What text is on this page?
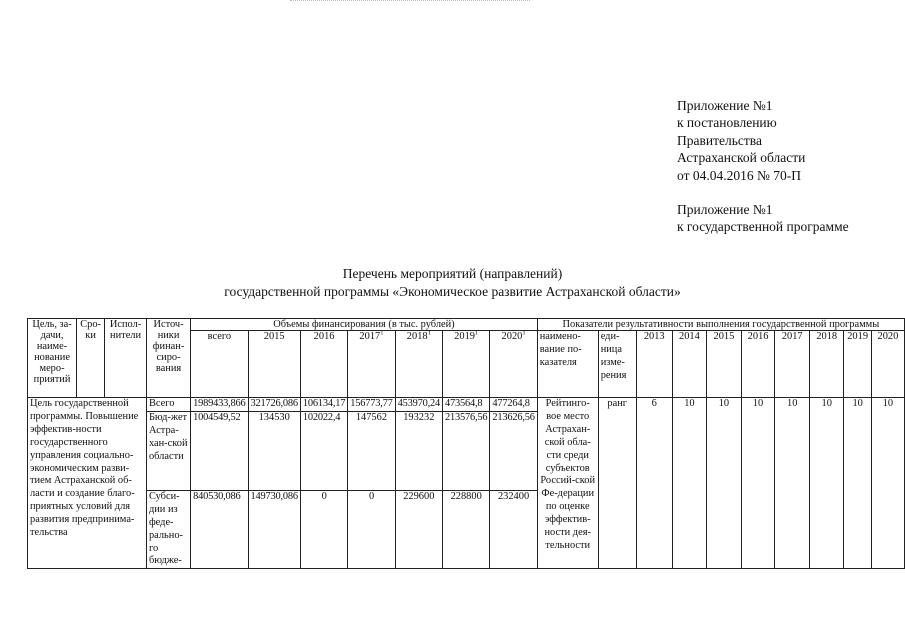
Приложение №1
к постановлению
Правительства
Астраханской области
от 04.04.2016 № 70-П
Приложение №1
к государственной программе
Перечень мероприятий (направлений)
государственной программы «Экономическое развитие Астраханской области»
Цель, за-дачи, наиме-нование меро-приятий	Сро-ки	Испол-нители	Источ-ники финан-сиро-вания	Объемы финансирования (в тыс. рублей)							Показатели результативности выполнения государственной программы									
				всего	2015	2016	2017$^1$	2018$^1$	2019$^1$	2020$^1$	наимено-вание по-казателя	еди-ница изме-рения	2013	2014	2015	2016	2017	2018	2019	2020
Цель государственной программы. Повышение эффектив-ности государственного управления социально-экономическим разви-тием Астраханской об-ласти и создание благо-приятных условий для развития предпринима-тельства			Всего	1989433,866	321726,086	106134,17	156773,77	453970,24	473564,8	477264,8	Рейтинго-вое место Астрахан-ской обла-сти среди субъектов Россий-ской Фе-дерации по оценке эффектив-ности дея-тельности	ранг	6	10	10	10	10	10	10	10
			Бюд-жет Астра-хан-ской области	1004549,52	134530	102022,4	147562	193232	213576,56	213626,56										
			Субси-дии из феде-рально-го бюдже-	840530,086	149730,086	0	0	229600	228800	232400										
